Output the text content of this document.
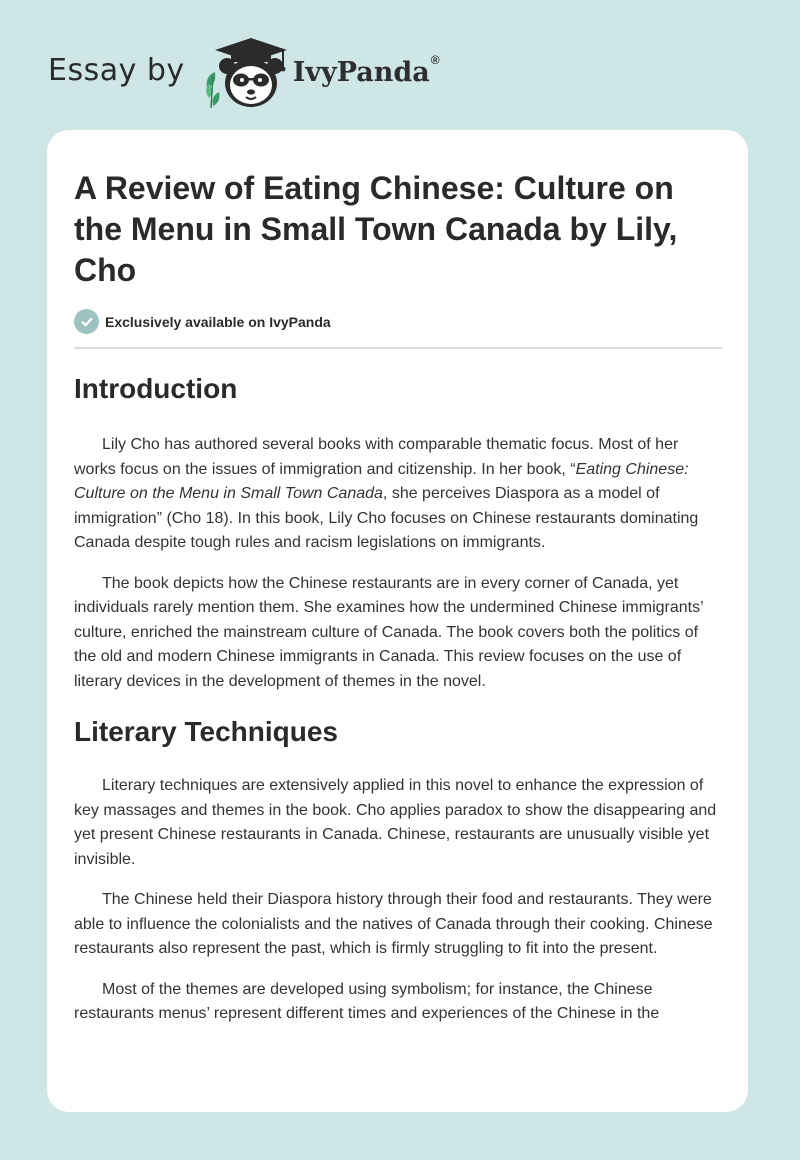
Essay by	IvyPanda®
A Review of Eating Chinese: Culture on the Menu in Small Town Canada by Lily, Cho
Exclusively available on IvyPanda
Introduction

Lily Cho has authored several books with comparable thematic focus. Most of her works focus on the issues of immigration and citizenship. In her book, “Eating Chinese: Culture on the Menu in Small Town Canada, she perceives Diaspora as a model of immigration” (Cho 18). In this book, Lily Cho focuses on Chinese restaurants dominating Canada despite tough rules and racism legislations on immigrants.

The book depicts how the Chinese restaurants are in every corner of Canada, yet individuals rarely mention them. She examines how the undermined Chinese immigrants’ culture, enriched the mainstream culture of Canada. The book covers both the politics of the old and modern Chinese immigrants in Canada. This review focuses on the use of literary devices in the development of themes in the novel.

Literary Techniques

Literary techniques are extensively applied in this novel to enhance the expression of key massages and themes in the book. Cho applies paradox to show the disappearing and yet present Chinese restaurants in Canada. Chinese, restaurants are unusually visible yet invisible.

The Chinese held their Diaspora history through their food and restaurants. They were able to influence the colonialists and the natives of Canada through their cooking. Chinese restaurants also represent the past, which is firmly struggling to fit into the present.

Most of the themes are developed using symbolism; for instance, the Chinese restaurants menus’ represent different times and experiences of the Chinese in the
